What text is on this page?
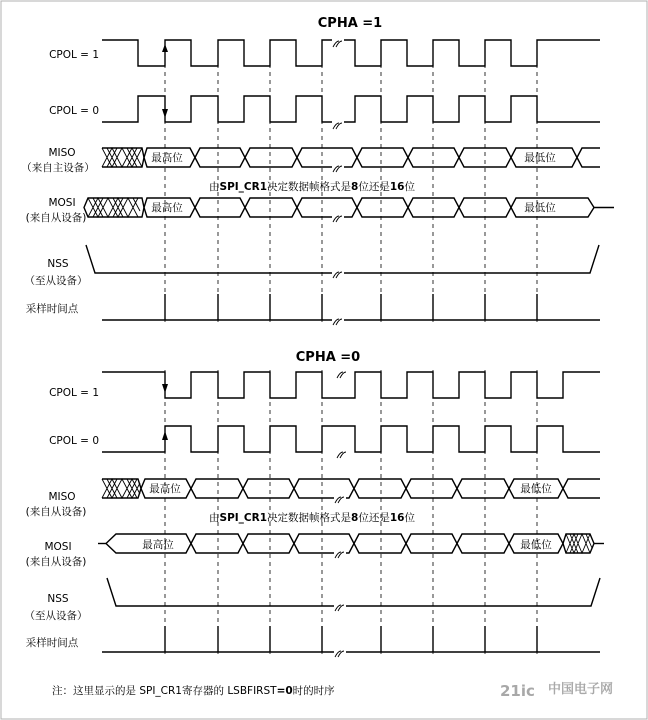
CPHA =1
CPOL = 1
CPOL = 0
MISO
（来自主设备）
MOSI
(来自从设备)
NSS
（至从设备）
采样时间点
最高位	最低位
由SPI_CR1决定数据帧格式是8位还是16位
最高位	最低位
CPHA =0
CPOL = 1
CPOL = 0
MISO
(来自从设备)
MOSI
(来自从设备)
NSS
（至从设备）
采样时间点
最高位	最低位
由SPI_CR1决定数据帧格式是8位还是16位
最高位	最低位
注：这里显示的是 SPI_CR1寄存器的 LSBFIRST=0时的时序	21ic 中国电子网
